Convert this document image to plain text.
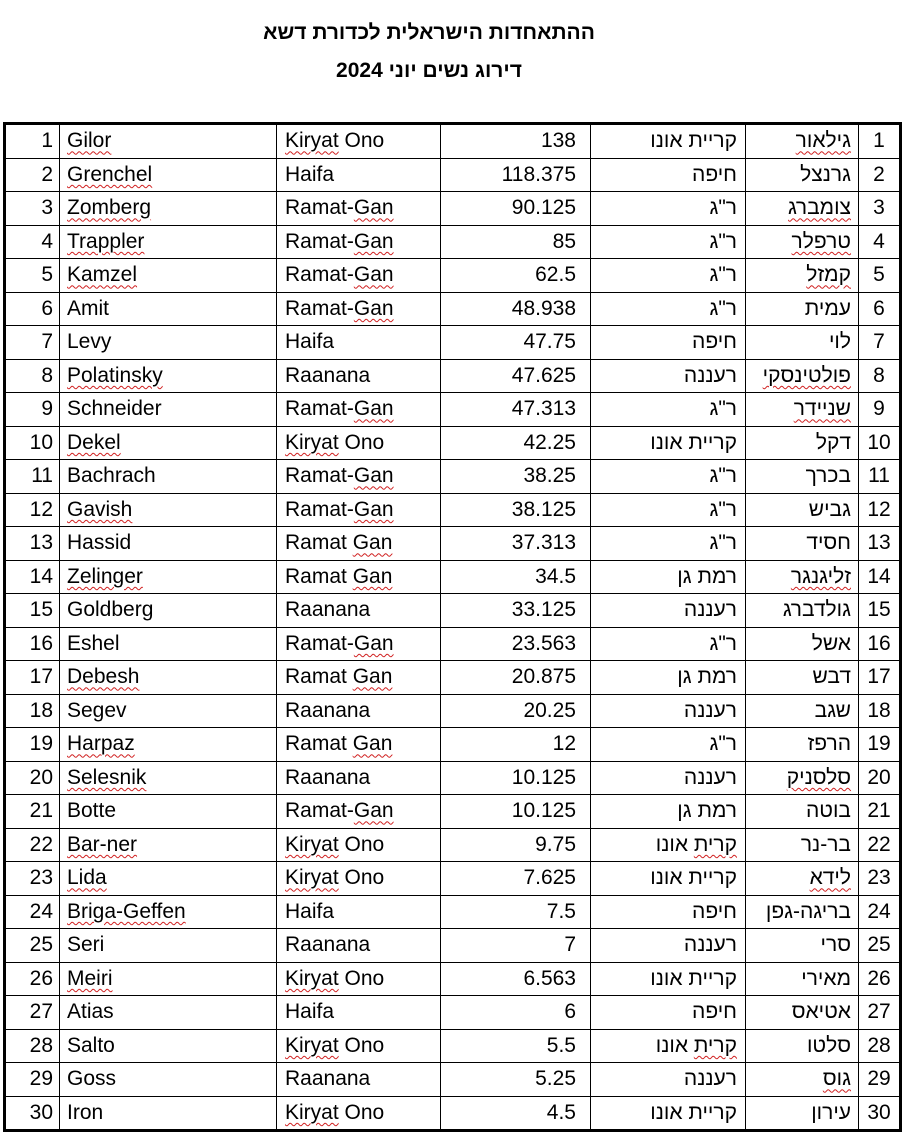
ההתאחדות הישראלית לכדורת דשא
דירוג נשים יוני 2024
1	Gilor	Kiryat Ono	138	קריית אונו	גילאור	1
2	Grenchel	Haifa	118.375	חיפה	גרנצל	2
3	Zomberg	Ramat-Gan	90.125	ר"ג	צומברג	3
4	Trappler	Ramat-Gan	85	ר"ג	טרפלר	4
5	Kamzel	Ramat-Gan	62.5	ר"ג	קמזל	5
6	Amit	Ramat-Gan	48.938	ר"ג	עמית	6
7	Levy	Haifa	47.75	חיפה	לוי	7
8	Polatinsky	Raanana	47.625	רעננה	פולטינסקי	8
9	Schneider	Ramat-Gan	47.313	ר"ג	שניידר	9
10	Dekel	Kiryat Ono	42.25	קריית אונו	דקל	10
11	Bachrach	Ramat-Gan	38.25	ר"ג	בכרך	11
12	Gavish	Ramat-Gan	38.125	ר"ג	גביש	12
13	Hassid	Ramat Gan	37.313	ר"ג	חסיד	13
14	Zelinger	Ramat Gan	34.5	רמת גן	זליגנגר	14
15	Goldberg	Raanana	33.125	רעננה	גולדברג	15
16	Eshel	Ramat-Gan	23.563	ר"ג	אשל	16
17	Debesh	Ramat Gan	20.875	רמת גן	דבש	17
18	Segev	Raanana	20.25	רעננה	שגב	18
19	Harpaz	Ramat Gan	12	ר"ג	הרפז	19
20	Selesnik	Raanana	10.125	רעננה	סלסניק	20
21	Botte	Ramat-Gan	10.125	רמת גן	בוטה	21
22	Bar-ner	Kiryat Ono	9.75	קרית אונו	בר-נר	22
23	Lida	Kiryat Ono	7.625	קריית אונו	לידא	23
24	Briga-Geffen	Haifa	7.5	חיפה	בריגה-גפן	24
25	Seri	Raanana	7	רעננה	סרי	25
26	Meiri	Kiryat Ono	6.563	קריית אונו	מאירי	26
27	Atias	Haifa	6	חיפה	אטיאס	27
28	Salto	Kiryat Ono	5.5	קרית אונו	סלטו	28
29	Goss	Raanana	5.25	רעננה	גוס	29
30	Iron	Kiryat Ono	4.5	קריית אונו	עירון	30
